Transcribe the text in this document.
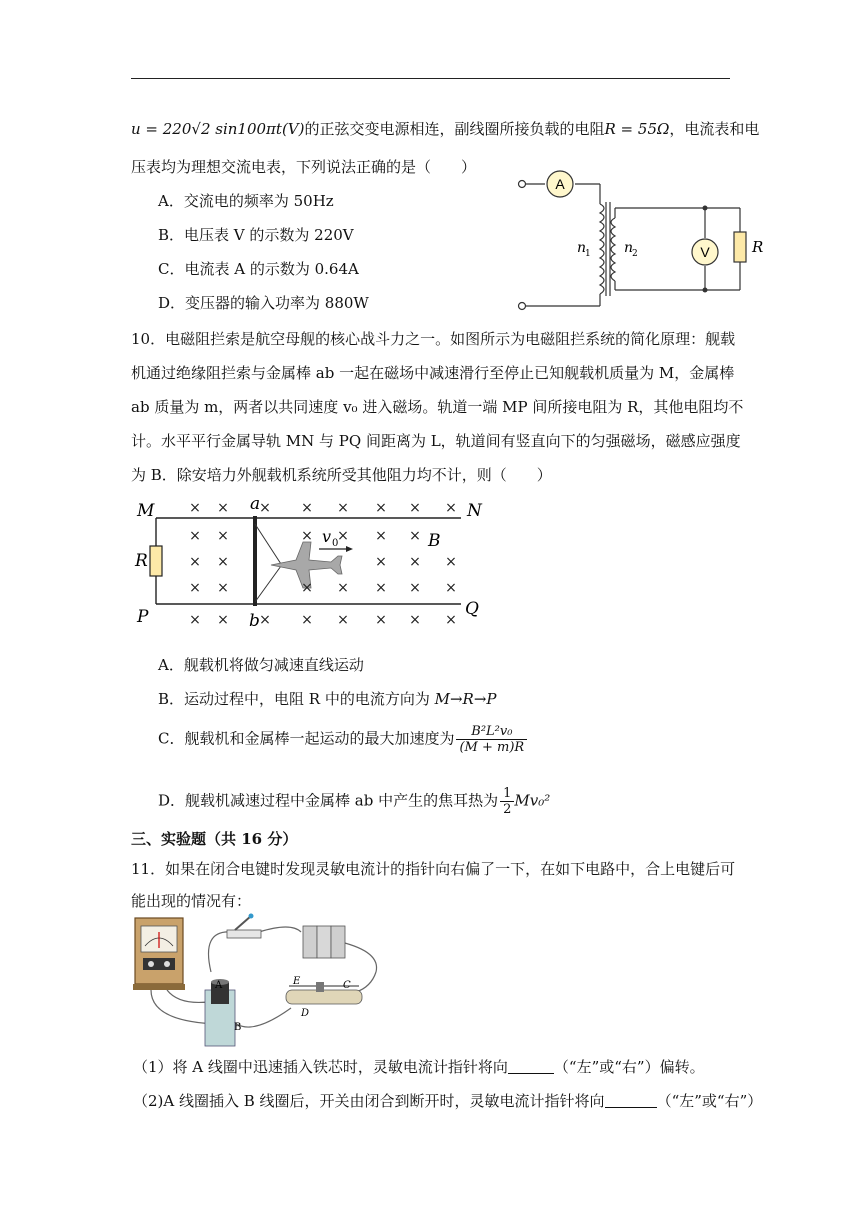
u = 220√2 sin100πt(V)的正弦交变电源相连，副线圈所接负载的电阻R = 55Ω，电流表和电
压表均为理想交流电表，下列说法正确的是（　　）
A．交流电的频率为 50Hz
B．电压表 V 的示数为 220V
C．电流表 A 的示数为 0.64A
D．变压器的输入功率为 880W
A
V	R
n
1 n
2
10．电磁阻拦索是航空母舰的核心战斗力之一。如图所示为电磁阻拦系统的简化原理：舰载
机通过绝缘阻拦索与金属棒 ab 一起在磁场中减速滑行至停止已知舰载机质量为 M，金属棒
ab 质量为 m，两者以共同速度 v₀ 进入磁场。轨道一端 MP 间所接电阻为 R，其他电阻均不
计。水平平行金属导轨 MN 与 PQ 间距离为 L，轨道间有竖直向下的匀强磁场，磁感应强度
为 B．除安培力外舰载机系统所受其他阻力均不计，则（　　）
v 0
M	N
P	Q
R
a
b
B
× × × × × × × ×
× ×	× × × ×
× ×	× × ×
× ×	× × × × ×
× × × × × × × ×
A．舰载机将做匀减速直线运动
B．运动过程中，电阻 R 中的电流方向为 M→R→P
C．舰载机和金属棒一起运动的最大加速度为 $\frac{\text{B²L²v₀}}{(M + m)R}$
D．舰载机减速过程中金属棒 ab 中产生的焦耳热为 $\frac{1}{2} Mv_0^2$
三、实验题（共 16 分）
11．如果在闭合电键时发现灵敏电流计的指针向右偏了一下，在如下电路中，合上电键后可
能出现的情况有：
A
B
E	C
D
（1）将 A 线圈中迅速插入铁芯时，灵敏电流计指针将向	（“左”或“右”）偏转。
（2)A 线圈插入 B 线圈后，开关由闭合到断开时，灵敏电流计指针将向	（“左”或“右”）
